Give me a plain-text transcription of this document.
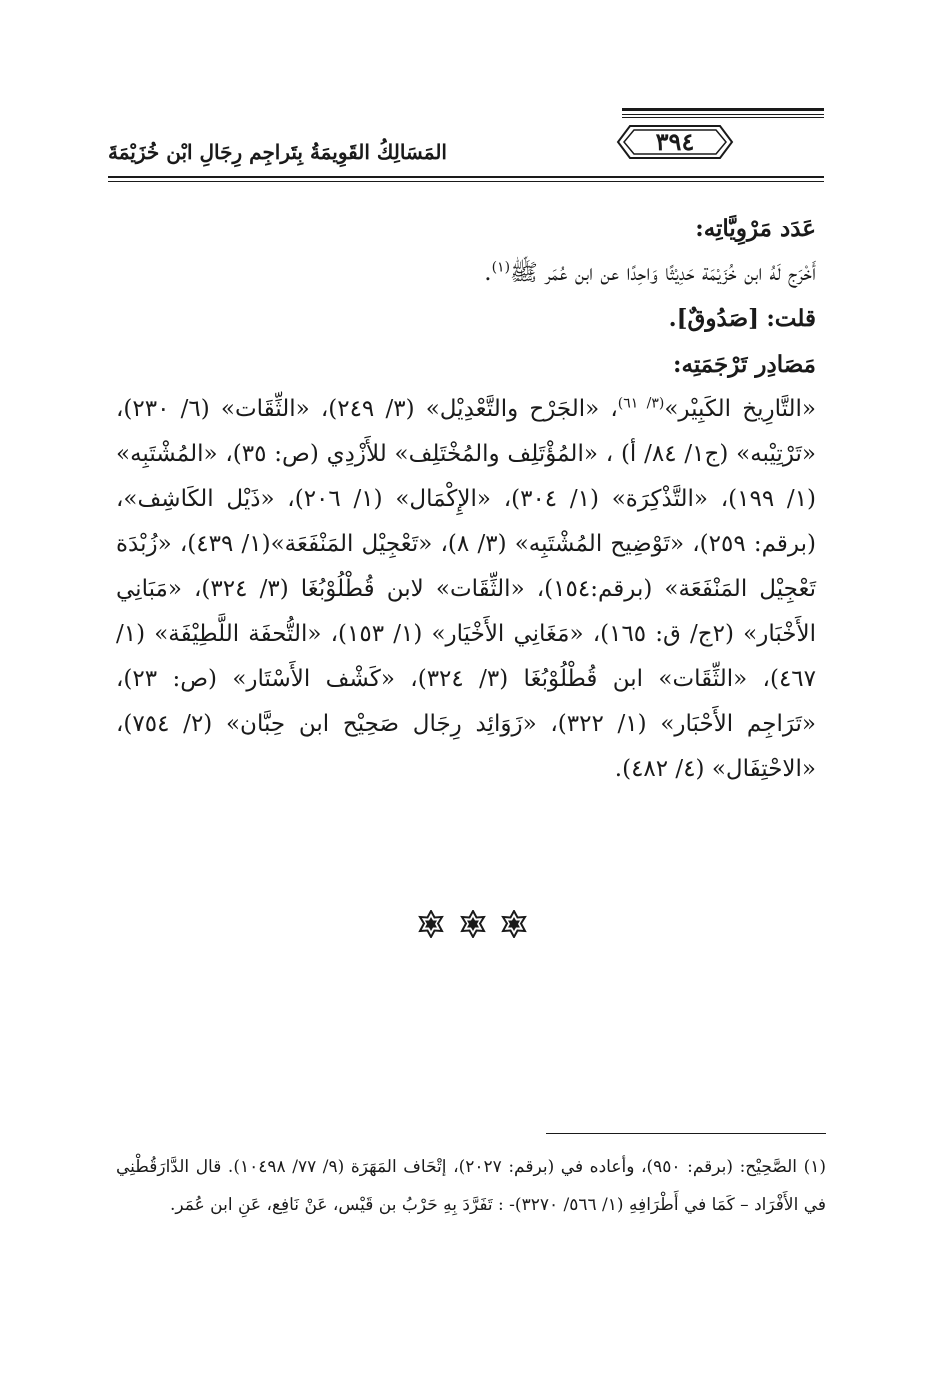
٣٩٤
المَسَالِكُ القَوِيمَةُ بِتَراجِم رِجَالِ ابْن خُزَيْمَةَ

عَدَد مَرْوِيَّاتِه:

أَخْرَج لَهُ ابن خُزَيْمَة حَدِيْثًا وَاحِدًا عن ابن عُمَر ﷺ$^{(١)}$.

قلت: [صَدُوقٌ].

مَصَادِر تَرْجَمَتِه:

«التَّارِيخ الكَبِيْر»$^{(٣/ ٦١)}$، «الجَرْح والتَّعْدِيْل» (٣/ ٢٤٩)، «الثِّقَات» (٦/ ٢٣٠)، «تَرْتِيْبه» (ج١/ ٨٤/ أ) ، «المُؤْتَلِف والمُخْتَلِف» للأَزْدِي (ص: ٣٥)، «المُشْتَبِه» (١/ ١٩٩)، «التَّذْكِرَة» (١/ ٣٠٤)، «الإِكْمَال» (١/ ٢٠٦)، «ذَيْل الكَاشِف»، (برقم: ٢٥٩)، «تَوْضِيح المُشْتَبِه» (٣/ ٨)، «تَعْجِيْل المَنْفَعَة»(١/ ٤٣٩)، «زُبْدَة تَعْجِيْل المَنْفَعَة» (برقم:١٥٤)، «الثِّقَات» لابن قُطْلُوْبُغَا (٣/ ٣٢٤)، «مَبَانِي الأَخْبَار» (٢ج/ ق: ١٦٥)، «مَغَانِي الأَخْيَار» (١/ ١٥٣)، «التُّحفَة اللَّطِيْفَة» (١/ ٤٦٧)، «الثِّقَات» ابن قُطْلُوْبُغَا (٣/ ٣٢٤)، «كَشْف الأَسْتَار» (ص: ٢٣)، «تَرَاجِم الأَحْبَار» (١/ ٣٢٢)، «زَوَائِد رِجَال صَحِيْح ابن حِبَّان» (٢/ ٧٥٤)، «الاحْتِفَال» (٤/ ٤٨٢).

(١) الصَّحِيْح: (برقم: ٩٥٠)، وأعاده في (برقم: ٢٠٢٧)، إتْحَاف المَهَرَة (٩/ ٧٧/ ١٠٤٩٨). قال الدَّارَقُطْنِي في الأَفْرَاد – كَمَا في أَطْرَافِهِ (١/ ٥٦٦/ ٣٢٧٠)- : تَفَرَّدَ بِهِ حَرْبُ بن قَيْس، عَنْ نَافِع، عَنِ ابن عُمَر.
